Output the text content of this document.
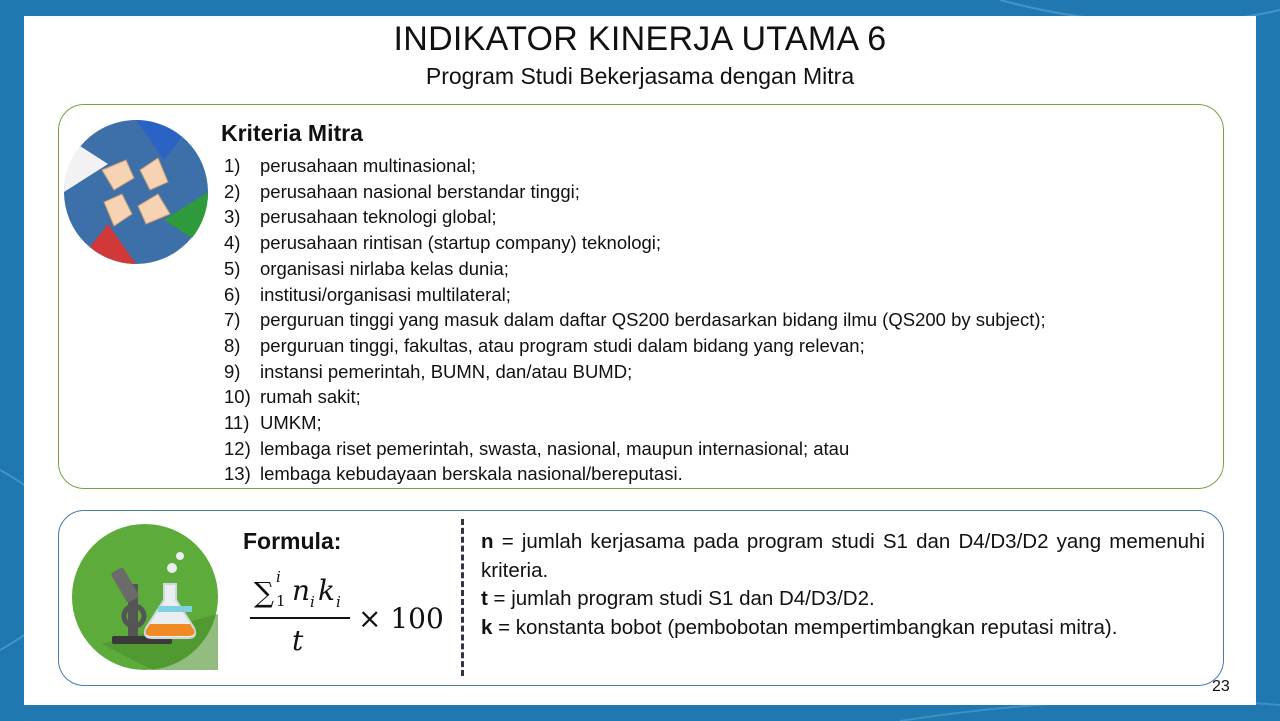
INDIKATOR KINERJA UTAMA 6
Program Studi Bekerjasama dengan Mitra
Kriteria Mitra
1) perusahaan multinasional;
2) perusahaan nasional berstandar tinggi;
3) perusahaan teknologi global;
4) perusahaan rintisan (startup company) teknologi;
5) organisasi nirlaba kelas dunia;
6) institusi/organisasi multilateral;
7) perguruan tinggi yang masuk dalam daftar QS200 berdasarkan bidang ilmu (QS200 by subject);
8) perguruan tinggi, fakultas, atau program studi dalam bidang yang relevan;
9) instansi pemerintah, BUMN, dan/atau BUMD;
10) rumah sakit;
11) UMKM;
12) lembaga riset pemerintah, swasta, nasional, maupun internasional; atau
13) lembaga kebudayaan berskala nasional/bereputasi.
Formula:
∑ i
1 n i k i
t
× 100

n = jumlah kerjasama pada program studi S1 dan D4/D3/D2 yang memenuhi kriteria.

t = jumlah program studi S1 dan D4/D3/D2.

k = konstanta bobot (pembobotan mempertimbangkan reputasi mitra).

23
